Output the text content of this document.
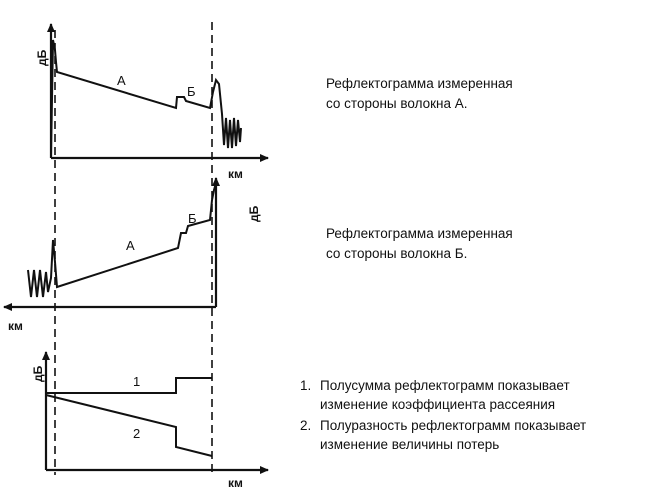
дБ
км
А
Б
дБ
км
А
Б
дБ
км
1
2
Рефлектограмма измеренная
со стороны волокна А.
Рефлектограмма измеренная
со стороны волокна Б.
1. Полусумма рефлектограмм показывает
изменение коэффициента рассеяния
2. Полуразность рефлектограмм показывает
изменение величины потерь
